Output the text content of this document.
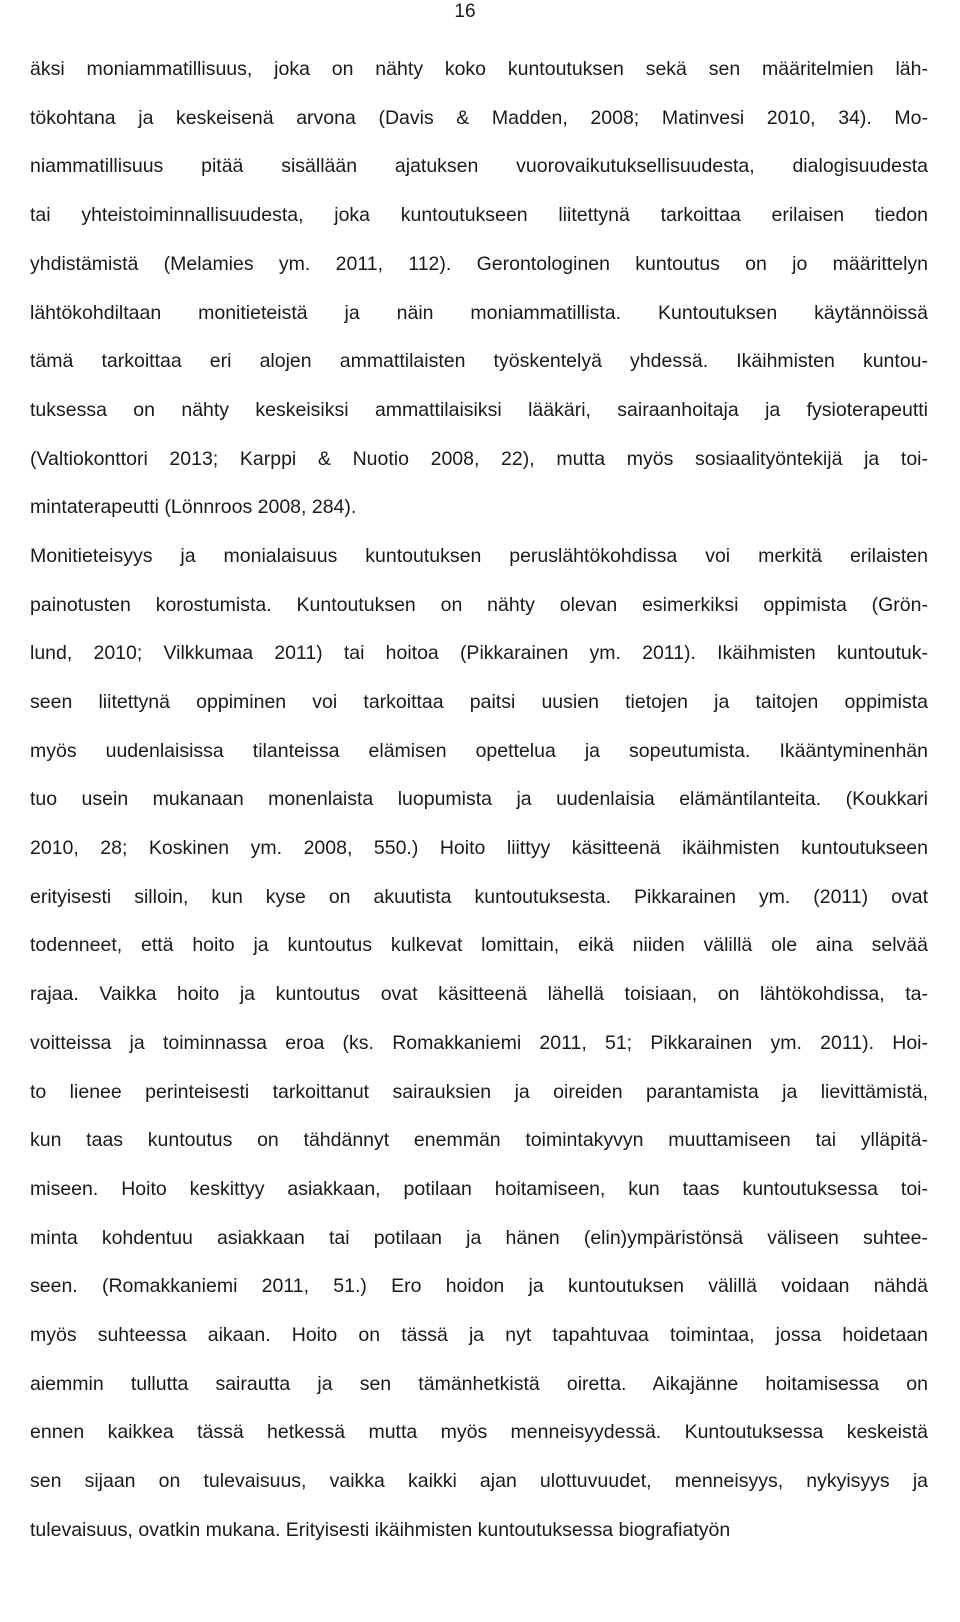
16
äksi moniammatillisuus, joka on nähty koko kuntoutuksen sekä sen määritelmien läh-
tökohtana ja keskeisenä arvona (Davis & Madden, 2008; Matinvesi 2010, 34). Mo-
niammatillisuus pitää sisällään ajatuksen vuorovaikutuksellisuudesta, dialogisuudesta
tai yhteistoiminnallisuudesta, joka kuntoutukseen liitettynä tarkoittaa erilaisen tiedon
yhdistämistä (Melamies ym. 2011, 112). Gerontologinen kuntoutus on jo määrittelyn
lähtökohdiltaan monitieteistä ja näin moniammatillista. Kuntoutuksen käytännöissä
tämä tarkoittaa eri alojen ammattilaisten työskentelyä yhdessä. Ikäihmisten kuntou-
tuksessa on nähty keskeisiksi ammattilaisiksi lääkäri, sairaanhoitaja ja fysioterapeutti
(Valtiokonttori 2013; Karppi & Nuotio 2008, 22), mutta myös sosiaalityöntekijä ja toi-
mintaterapeutti (Lönnroos 2008, 284).
Monitieteisyys ja monialaisuus kuntoutuksen peruslähtökohdissa voi merkitä erilaisten
painotusten korostumista. Kuntoutuksen on nähty olevan esimerkiksi oppimista (Grön-
lund, 2010; Vilkkumaa 2011) tai hoitoa (Pikkarainen ym. 2011). Ikäihmisten kuntoutuk-
seen liitettynä oppiminen voi tarkoittaa paitsi uusien tietojen ja taitojen oppimista
myös uudenlaisissa tilanteissa elämisen opettelua ja sopeutumista. Ikääntyminenhän
tuo usein mukanaan monenlaista luopumista ja uudenlaisia elämäntilanteita. (Koukkari
2010, 28; Koskinen ym. 2008, 550.) Hoito liittyy käsitteenä ikäihmisten kuntoutukseen
erityisesti silloin, kun kyse on akuutista kuntoutuksesta. Pikkarainen ym. (2011) ovat
todenneet, että hoito ja kuntoutus kulkevat lomittain, eikä niiden välillä ole aina selvää
rajaa. Vaikka hoito ja kuntoutus ovat käsitteenä lähellä toisiaan, on lähtökohdissa, ta-
voitteissa ja toiminnassa eroa (ks. Romakkaniemi 2011, 51; Pikkarainen ym. 2011). Hoi-
to lienee perinteisesti tarkoittanut sairauksien ja oireiden parantamista ja lievittämistä,
kun taas kuntoutus on tähdännyt enemmän toimintakyvyn muuttamiseen tai ylläpitä-
miseen. Hoito keskittyy asiakkaan, potilaan hoitamiseen, kun taas kuntoutuksessa toi-
minta kohdentuu asiakkaan tai potilaan ja hänen (elin)ympäristönsä väliseen suhtee-
seen. (Romakkaniemi 2011, 51.) Ero hoidon ja kuntoutuksen välillä voidaan nähdä
myös suhteessa aikaan. Hoito on tässä ja nyt tapahtuvaa toimintaa, jossa hoidetaan
aiemmin tullutta sairautta ja sen tämänhetkistä oiretta. Aikajänne hoitamisessa on
ennen kaikkea tässä hetkessä mutta myös menneisyydessä. Kuntoutuksessa keskeistä
sen sijaan on tulevaisuus, vaikka kaikki ajan ulottuvuudet, menneisyys, nykyisyys ja
tulevaisuus, ovatkin mukana. Erityisesti ikäihmisten kuntoutuksessa biografiatyön
